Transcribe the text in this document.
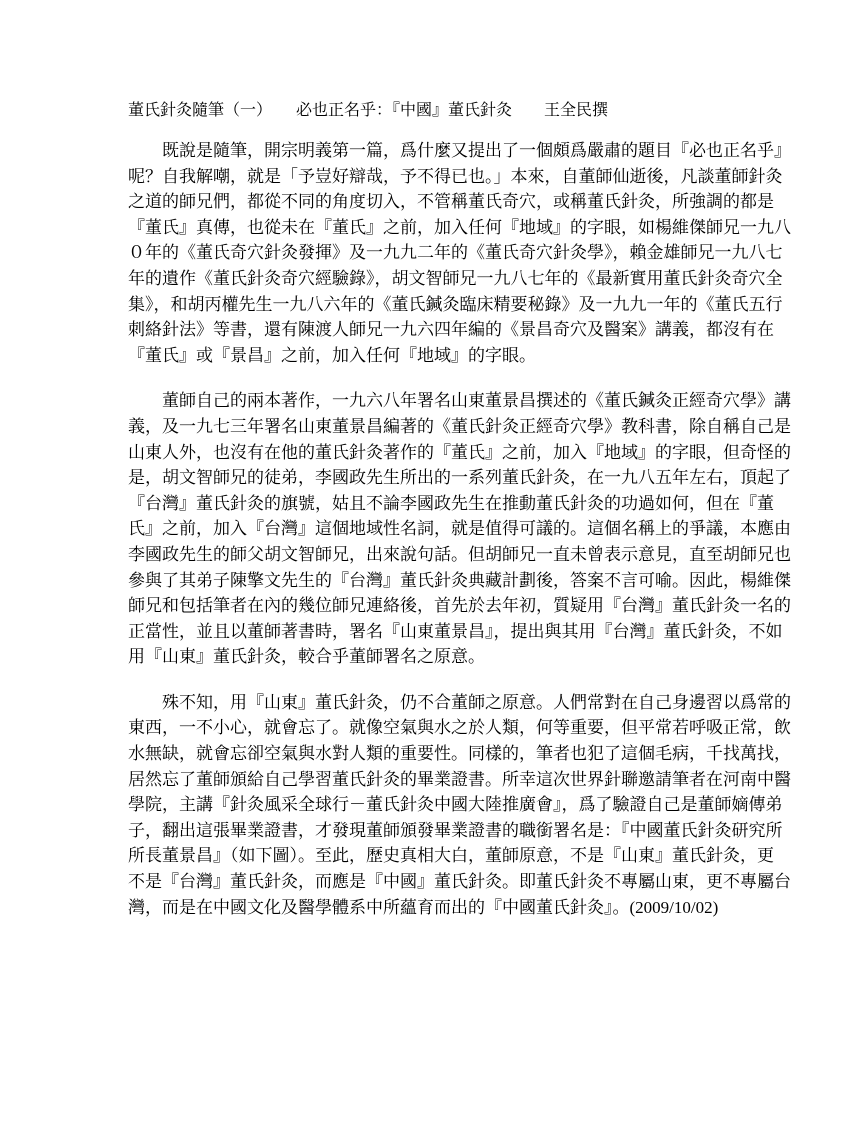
董氏針灸隨筆（一）　　必也正名乎：『中國』董氏針灸　　王全民撰
既說是隨筆，開宗明義第一篇，爲什麼又提出了一個頗爲嚴肅的題目『必也正名乎』
呢？自我解嘲，就是「予豈好辯哉，予不得已也。」本來，自董師仙逝後，凡談董師針灸
之道的師兄們，都從不同的角度切入，不管稱董氏奇穴，或稱董氏針灸，所強調的都是
『董氏』真傳，也從未在『董氏』之前，加入任何『地域』的字眼，如楊維傑師兄一九八
０年的《董氏奇穴針灸發揮》及一九九二年的《董氏奇穴針灸學》，賴金雄師兄一九八七
年的遺作《董氏針灸奇穴經驗錄》，胡文智師兄一九八七年的《最新實用董氏針灸奇穴全
集》，和胡丙權先生一九八六年的《董氏鍼灸臨床精要秘錄》及一九九一年的《董氏五行
刺絡針法》等書，還有陳渡人師兄一九六四年編的《景昌奇穴及醫案》講義，都沒有在
『董氏』或『景昌』之前，加入任何『地域』的字眼。
董師自己的兩本著作，一九六八年署名山東董景昌撰述的《董氏鍼灸正經奇穴學》講
義，及一九七三年署名山東董景昌編著的《董氏針灸正經奇穴學》教科書，除自稱自己是
山東人外，也沒有在他的董氏針灸著作的『董氏』之前，加入『地域』的字眼，但奇怪的
是，胡文智師兄的徒弟，李國政先生所出的一系列董氏針灸，在一九八五年左右，頂起了
『台灣』董氏針灸的旗號，姑且不論李國政先生在推動董氏針灸的功過如何，但在『董
氏』之前，加入『台灣』這個地域性名詞，就是值得可議的。這個名稱上的爭議，本應由
李國政先生的師父胡文智師兄，出來說句話。但胡師兄一直未曾表示意見，直至胡師兄也
參與了其弟子陳擎文先生的『台灣』董氏針灸典藏計劃後，答案不言可喻。因此，楊維傑
師兄和包括筆者在內的幾位師兄連絡後，首先於去年初，質疑用『台灣』董氏針灸一名的
正當性，並且以董師著書時，署名『山東董景昌』，提出與其用『台灣』董氏針灸，不如
用『山東』董氏針灸，較合乎董師署名之原意。
殊不知，用『山東』董氏針灸，仍不合董師之原意。人們常對在自己身邊習以爲常的
東西，一不小心，就會忘了。就像空氣與水之於人類，何等重要，但平常若呼吸正常，飲
水無缺，就會忘卻空氣與水對人類的重要性。同樣的，筆者也犯了這個毛病，千找萬找，
居然忘了董師頒給自己學習董氏針灸的畢業證書。所幸這次世界針聯邀請筆者在河南中醫
學院，主講『針灸風采全球行－董氏針灸中國大陸推廣會』，爲了驗證自己是董師嫡傳弟
子，翻出這張畢業證書，才發現董師頒發畢業證書的職銜署名是：『中國董氏針灸研究所
所長董景昌』（如下圖）。至此，歷史真相大白，董師原意，不是『山東』董氏針灸，更
不是『台灣』董氏針灸，而應是『中國』董氏針灸。即董氏針灸不專屬山東，更不專屬台
灣，而是在中國文化及醫學體系中所蘊育而出的『中國董氏針灸』。(2009/10/02)
